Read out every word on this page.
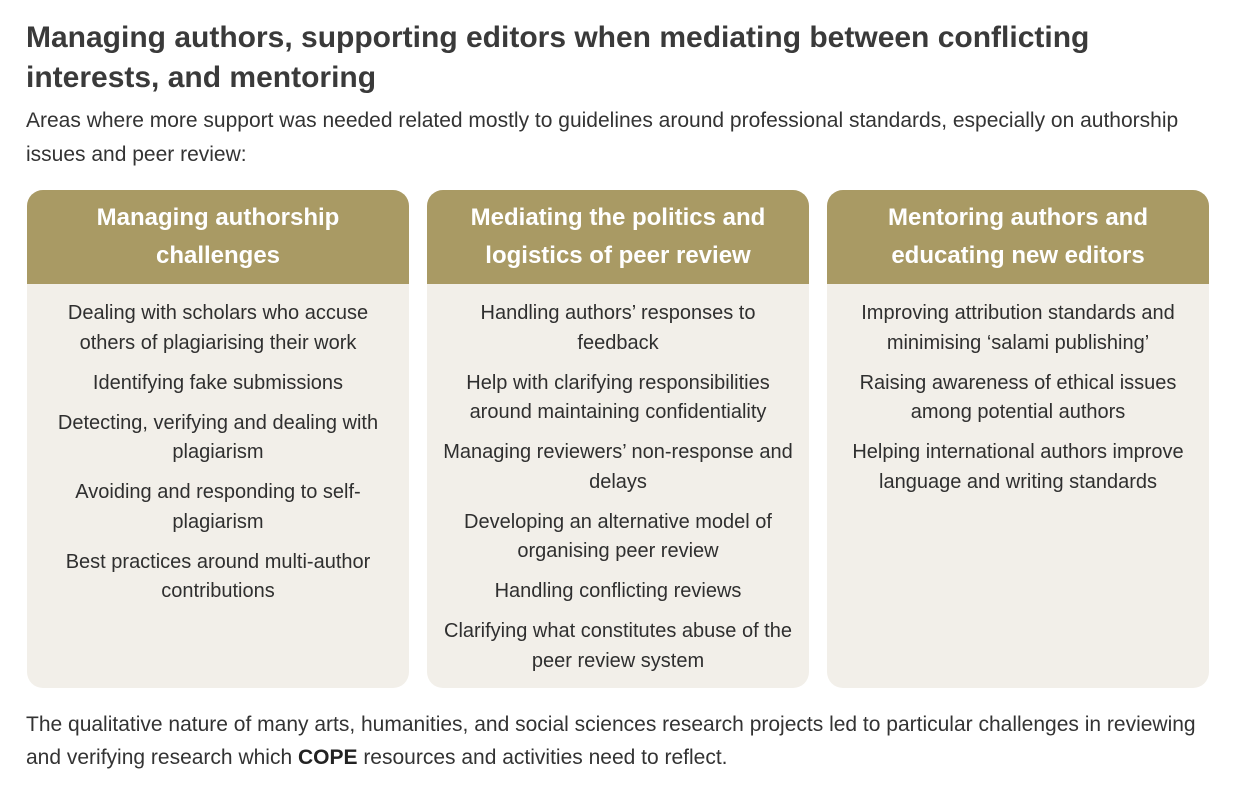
Managing authors, supporting editors when mediating between conflicting interests, and mentoring
Areas where more support was needed related mostly to guidelines around professional standards, especially on authorship issues and peer review:
Managing authorship challenges
Dealing with scholars who accuse others of plagiarising their work
Identifying fake submissions
Detecting, verifying and dealing with plagiarism
Avoiding and responding to self-plagiarism
Best practices around multi-author contributions
Mediating the politics and logistics of peer review
Handling authors’ responses to feedback
Help with clarifying responsibilities around maintaining confidentiality
Managing reviewers’ non-response and delays
Developing an alternative model of organising peer review
Handling conflicting reviews
Clarifying what constitutes abuse of the peer review system
Mentoring authors and educating new editors
Improving attribution standards and minimising ‘salami publishing’
Raising awareness of ethical issues among potential authors
Helping international authors improve language and writing standards
The qualitative nature of many arts, humanities, and social sciences research projects led to particular challenges in reviewing and verifying research which COPE resources and activities need to reflect.
